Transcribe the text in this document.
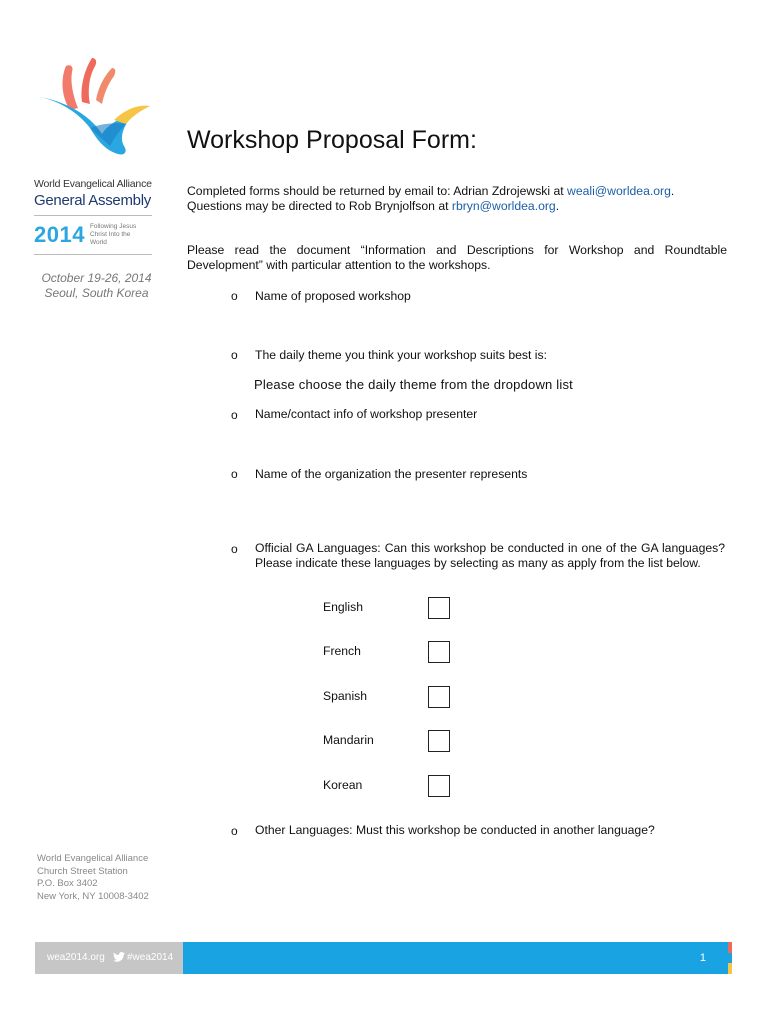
World Evangelical Alliance
General Assembly
2014 Following Jesus Christ Into the World
October 19-26, 2014
Seoul, South Korea
Workshop Proposal Form:
Completed forms should be returned by email to: Adrian Zdrojewski at weali@worldea.org.
Questions may be directed to Rob Brynjolfson at rbryn@worldea.org.
Please read the document “Information and Descriptions for Workshop and Roundtable Development” with particular attention to the workshops.
o Name of proposed workshop
o The daily theme you think your workshop suits best is:
Please choose the daily theme from the dropdown list
o Name/contact info of workshop presenter
o Name of the organization the presenter represents
o Official GA Languages: Can this workshop be conducted in one of the GA languages? Please indicate these languages by selecting as many as apply from the list below.
English
French
Spanish
Mandarin
Korean
o Other Languages: Must this workshop be conducted in another language?
World Evangelical Alliance
Church Street Station
P.O. Box 3402
New York, NY 10008-3402
wea2014.org	#wea2014	1
